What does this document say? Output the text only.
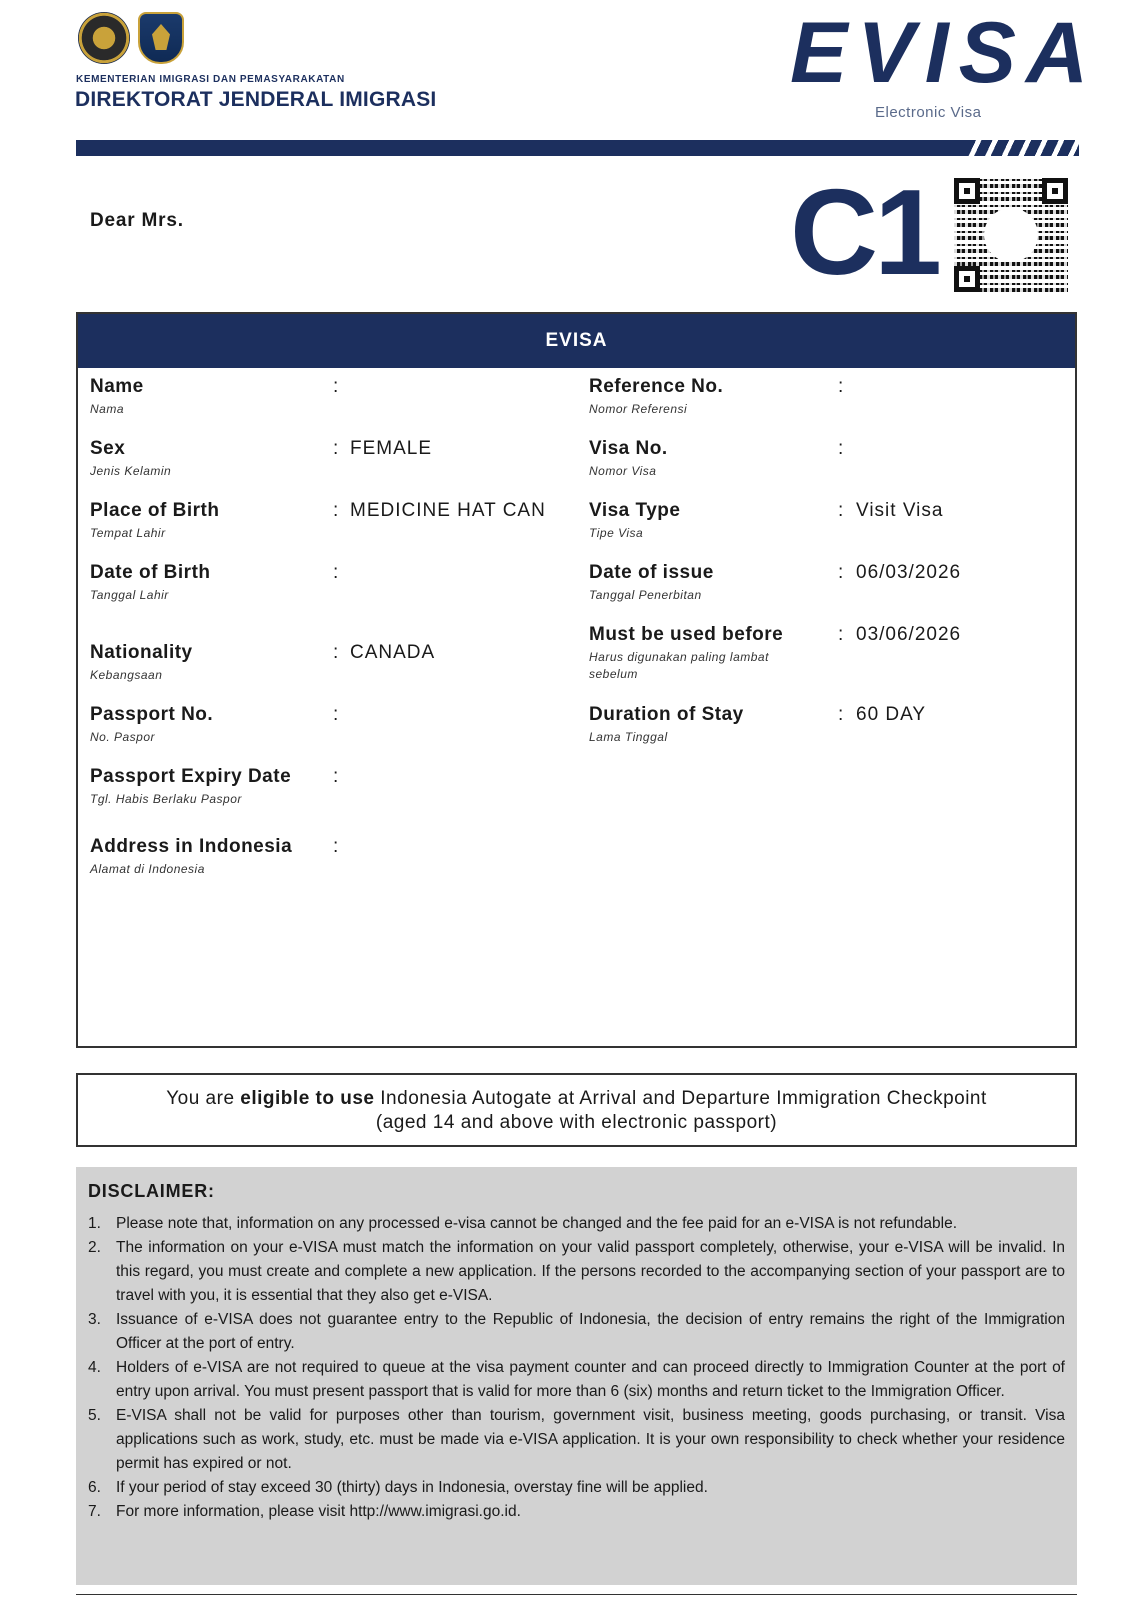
KEMENTERIAN IMIGRASI DAN PEMASYARAKATAN
DIREKTORAT JENDERAL IMIGRASI	EVISA
Electronic Visa
Dear Mrs.	C1
EVISA
Name
Nama
:
Sex
Jenis Kelamin
: FEMALE
Place of Birth
Tempat Lahir
: MEDICINE HAT CAN
Date of Birth
Tanggal Lahir
:
Nationality
Kebangsaan
: CANADA
Passport No.
No. Paspor
:
Passport Expiry Date
Tgl. Habis Berlaku Paspor
:
Address in Indonesia
Alamat di Indonesia
:
Reference No.
Nomor Referensi
:
Visa No.
Nomor Visa
:
Visa Type
Tipe Visa
: Visit Visa
Date of issue
Tanggal Penerbitan
: 06/03/2026
Must be used before
Harus digunakan paling lambat
sebelum
: 03/06/2026
Duration of Stay
Lama Tinggal
: 60 DAY
You are eligible to use Indonesia Autogate at Arrival and Departure Immigration Checkpoint
(aged 14 and above with electronic passport)
DISCLAIMER:
1. Please note that, information on any processed e-visa cannot be changed and the fee paid for an e-VISA is not refundable.
2. The information on your e-VISA must match the information on your valid passport completely, otherwise, your e-VISA will be invalid. In this regard, you must create and complete a new application. If the persons recorded to the accompanying section of your passport are to travel with you, it is essential that they also get e-VISA.
3. Issuance of e-VISA does not guarantee entry to the Republic of Indonesia, the decision of entry remains the right of the Immigration Officer at the port of entry.
4. Holders of e-VISA are not required to queue at the visa payment counter and can proceed directly to Immigration Counter at the port of entry upon arrival. You must present passport that is valid for more than 6 (six) months and return ticket to the Immigration Officer.
5. E-VISA shall not be valid for purposes other than tourism, government visit, business meeting, goods purchasing, or transit. Visa applications such as work, study, etc. must be made via e-VISA application. It is your own responsibility to check whether your residence permit has expired or not.
6. If your period of stay exceed 30 (thirty) days in Indonesia, overstay fine will be applied.
7. For more information, please visit http://www.imigrasi.go.id.
